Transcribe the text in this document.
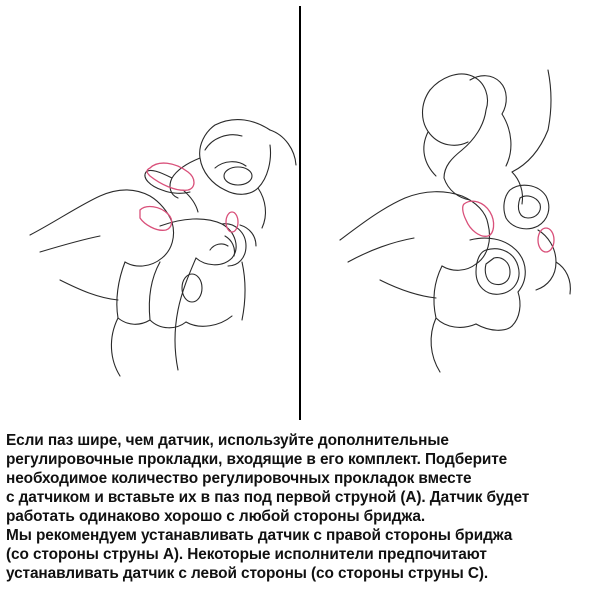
Если паз шире, чем датчик, используйте дополнительные

регулировочные прокладки, входящие в его комплект. Подберите

необходимое количество регулировочных прокладок вместе

с датчиком и вставьте их в паз под первой струной (А). Датчик будет

работать одинаково хорошо с любой стороны бриджа.

Мы рекомендуем устанавливать датчик с правой стороны бриджа

(со стороны струны А). Некоторые исполнители предпочитают

устанавливать датчик с левой стороны (со стороны струны С).
